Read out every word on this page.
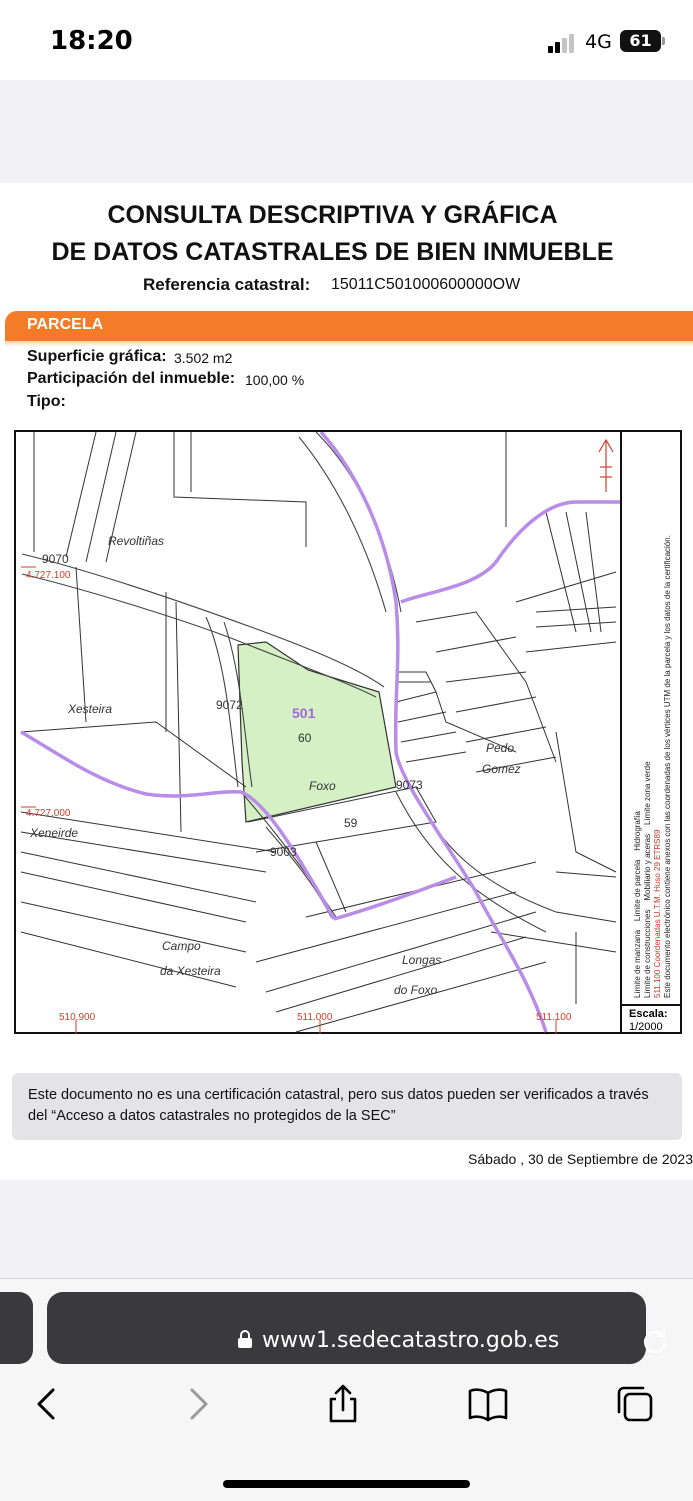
18:20	4G	61
CONSULTA DESCRIPTIVA Y GRÁFICA
DE DATOS CATASTRALES DE BIEN INMUEBLE
Referencia catastral: 15011C501000600000OW
PARCELA
Superficie gráfica: 3.502 m2
Participación del inmueble: 100,00 %
Tipo:
Revoltiñas
Xesteira
Xeneirde
Campo
da Xesteira
Longas
do Foxo
Foxo
Pedo
Gomez
9070
9072
60
9073
59
9003
501
4.727.100
4.727.000
510.900	511.000	511.100
Límite de manzana    Límite de parcela    Hidrografía
Límite de construcciones    Mobiliario y aceras    Límite zona verde
511.100 Coordenadas U.T.M. Huso 29 ETRS89 Este documento electrónico contiene anexos con las coordenadas de los vértices UTM de la parcela y los datos de la certificación.
Escala:
1/2000
Este documento no es una certificación catastral, pero sus datos pueden ser verificados a través del “Acceso a datos catastrales no protegidos de la SEC”
Sábado , 30 de Septiembre de 2023
www1.sedecatastro.gob.es
